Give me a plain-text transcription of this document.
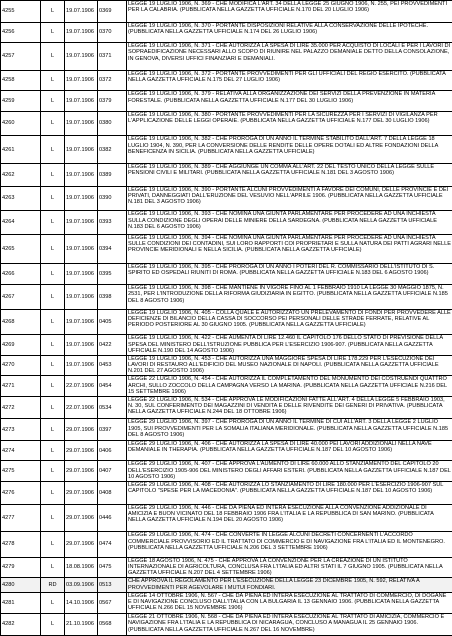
4255	L	19.07.1906	0369	LEGGE 19 LUGLIO 1906, N. 369 - CHE MODIFICA L'ART. 34 DELLA LEGGE 25 GIUGNO 1906, N. 255, PEI PROVVEDIMENTI PER LA CALABRIA. (PUBBLICATA NELLA GAZZETTA UFFICIALE N.170 DEL 20 LUGLIO 1906)
4256	L	19.07.1906	0370	LEGGE 19 LUGLIO 1906, N. 370 - PORTANTE DISPOSIZIONI RELATIVE ALLA CONSERVAZIONE DELLE IPOTECHE. (PUBBLICATA NELLA GAZZETTA UFFICIALE N.174 DEL 26 LUGLIO 1906)
4257	L	19.07.1906	0371	LEGGE 19 LUGLIO 1906, N. 371 - CHE AUTORIZZA LA SPESA DI LIRE 35.000 PER ACQUISTO DI LOCALI E PER I LAVORI DI SOPRAEDIFICAZIONE NECESSARI ALLO SCOPO DI RIUNIRE NEL PALAZZO DEMANIALE DETTO DELLA CONSOLAZIONE, IN GENOVA, DIVERSI UFFICI FINANZIARI E DEMANIALI.
4258	L	19.07.1906	0372	LEGGE 19 LUGLIO 1906, N. 372 - PORTANTE PROVVEDIMENTI PER GLI UFFICIALI DEL REGIO ESERCITO. (PUBBLICATA NELLA GAZZETTA UFFICIALE N.175 DEL 27 LUGLIO 1906)
4259	L	19.07.1906	0379	LEGGE 19 LUGLIO 1906, N. 379 - RELATIVA ALLA ORGANIZZAZIONE DEI SERVIZI DELLA PREVENZIONE IN MATERIA FORESTALE. (PUBBLICATA NELLA GAZZETTA UFFICIALE N.177 DEL 30 LUGLIO 1906)
4260	L	19.07.1906	0380	LEGGE 19 LUGLIO 1906, N. 380 - PORTANTE PROVVEDIMENTI PER LA SICUREZZA PER I SERVIZI DI VIGILANZA PER L'APPLICAZIONE DELLE LEGGI OPERAIE. (PUBBLICATA NELLA GAZZETTA UFFICIALE N.177 DEL 30 LUGLIO 1906)
4261	L	19.07.1906	0382	LEGGE 19 LUGLIO 1906, N. 382 - CHE PROROGA DI UN ANNO IL TERMINE STABILITO DALL'ART. 7 DELLA LEGGE 18 LUGLIO 1904, N. 390, PER LA CONVERSIONE DELLE RENDITE DELLE OPERE DOTALI ED ALTRE FONDAZIONI DELLA BENEFICENZA IN SICILIA. (PUBBLICATA NELLA GAZZETTA UFFICIALE)
4262	L	19.07.1906	0389	LEGGE 19 LUGLIO 1906, N. 389 - CHE AGGIUNGE UN COMMA ALL'ART. 22 DEL TESTO UNICO DELLA LEGGE SULLE PENSIONI CIVILI E MILITARI. (PUBBLICATA NELLA GAZZETTA UFFICIALE N.181 DEL 3 AGOSTO 1906)
4263	L	19.07.1906	0390	LEGGE 19 LUGLIO 1906, N. 390 - PORTANTE ALCUNI PROVVEDIMENTI A FAVORE DEI COMUNI, DELLE PROVINCIE E DEI PRIVATI, DANNEGGIATI DALL'ERUZIONE DEL VESUVIO NELL'APRILE 1906. (PUBBLICATA NELLA GAZZETTA UFFICIALE N.181 DEL 3 AGOSTO 1906)
4264	L	19.07.1906	0393	LEGGE 19 LUGLIO 1906, N. 393 - CHE NOMINA UNA GIUNTA PARLAMENTARE PER PROCEDERE AD UNA INCHIESTA SULLA CONDIZIONE DEGLI OPERAI DELLE MINIERE DELLA SARDEGNA. (PUBBLICATA NELLA GAZZETTA UFFICIALE N.183 DEL 6 AGOSTO 1906)
4265	L	19.07.1906	0394	LEGGE 19 LUGLIO 1906, N. 394 - CHE NOMINA UNA GIUNTA PARLAMENTARE PER PROCEDERE AD UNA INCHIESTA SULLE CONDIZIONI DEI CONTADINI, SUI LORO RAPPORTI COI PROPRIETARI E SULLA NATURA DEI PATTI AGRARI NELLE PROVINCIE MERIDIONALI E NELLA SICILIA. (PUBBLICATA NELLA GAZZETTA UFFICIALE)
4266	L	19.07.1906	0395	LEGGE 19 LUGLIO 1906, N. 395 - CHE PROROGA DI UN ANNO I POTERI DEL R. COMMISSARIO DELL'ISTITUTO DI S. SPIRITO ED OSPEDALI RIUNITI DI ROMA. (PUBBLICATA NELLA GAZZETTA UFFICIALE N.183 DEL 6 AGOSTO 1906)
4267	L	19.07.1906	0398	LEGGE 19 LUGLIO 1906, N. 398 - CHE MANTIENE IN VIGORE FINO AL 1 FEBBRAIO 1910 LA LEGGE 30 MAGGIO 1875, N. 2531, PER L'INTRODUZIONE DELLA RIFORMA GIUDIZIARIA IN EGITTO. (PUBBLICATA NELLA GAZZETTA UFFICIALE N.185 DEL 8 AGOSTO 1906)
4268	L	19.07.1906	0405	LEGGE 19 LUGLIO 1906, N. 405 - COLLA QUALE È AUTORIZZATO UN PRELEVAMENTO DI FONDI PER PROVVEDERE ALLE DEFICIENZE DI BILANCIO DELLA CASSA DI SOCCORSO PEI PERSONALI DELLE STRADE FERRATE, RELATIVE AL PERIODO POSTERIORE AL 30 GIUGNO 1905. (PUBBLICATA NELLA GAZZETTA UFFICIALE)
4269	L	19.07.1906	0422	LEGGE 19 LUGLIO 1906, N. 422 - CHE AUMENTA DI LIRE 12.460 IL CAPITOLO 176 DELLO STATO DI PREVISIONE DELLA SPESA DEL MINISTERO DELL'ISTRUZIONE PUBBLICA PER L'ESERCIZIO 1906-907. (PUBBLICATA NELLA GAZZETTA UFFICIALE N.190 DEL 14 AGOSTO 1906)
4270	L	19.07.1906	0453	LEGGE 19 LUGLIO 1906, N. 453 - CHE AUTORIZZA UNA MAGGIORE SPESA DI LIRE 178.229 PER L'ESECUZIONE DEI LAVORI DI RESTAURO ALL'EDIFICIO DEL MUSEO NAZIONALE DI NAPOLI. (PUBBLICATA NELLA GAZZETTA UFFICIALE N.201 DEL 27 AGOSTO 1906)
4271	L	22.07.1906	0454	LEGGE 22 LUGLIO 1906, N. 454 - CHE AUTORIZZA IL COMPLETAMENTO DEL MONUMENTO DEI COSTRUENDI QUATTRO ARCHI, SULLO ZOCCOLO DELLA CAMPAGNA VERSO LA MARINA. (PUBBLICATA NELLA GAZZETTA UFFICIALE N.216 DEL 15 SETTEMBRE 1906)
4272	L	22.07.1906	0534	LEGGE 22 LUGLIO 1906, N. 534 - CHE APPROVA LE MODIFICAZIONI FATTE ALL'ART. 4 DELLA LEGGE 5 FEBBRAIO 1903, N. 30, SUL CONFERIMENTO DEI MAGAZZINI DI VENDITA E DELLE RIVENDITE DEI GENERI DI PRIVATIVA. (PUBBLICATA NELLA GAZZETTA UFFICIALE N.244 DEL 18 OTTOBRE 1906)
4273	L	29.07.1906	0397	LEGGE 29 LUGLIO 1906, N. 397 - CHE PROROGA DI UN ANNO IL TERMINE DI CUI ALL'ART. 3 DELLA LEGGE 2 LUGLIO 1905, SUI PROVVEDIMENTI PER LA SOMALIA ITALIANA MERIDIONALE. (PUBBLICATA NELLA GAZZETTA UFFICIALE N.185 DEL 8 AGOSTO 1906)
4274	L	29.07.1906	0406	LEGGE 29 LUGLIO 1906, N. 406 - CHE AUTORIZZA LA SPESA DI LIRE 40.000 PEI LAVORI ADDIZIONALI NELLA NAVE DEMANIALE IN THERAPIA. (PUBBLICATA NELLA GAZZETTA UFFICIALE N.187 DEL 10 AGOSTO 1906)
4275	L	29.07.1906	0407	LEGGE 29 LUGLIO 1906, N. 407 - CHE APPROVA L'AUMENTO DI LIRE 60.000 ALLO STANZIAMENTO DEL CAPITOLO 20 DELL'ESERCIZIO 1905-906 DEL MINISTERO DEGLI AFFARI ESTERI. (PUBBLICATA NELLA GAZZETTA UFFICIALE N.187 DEL 10 AGOSTO 1906)
4276	L	29.07.1906	0408	LEGGE 29 LUGLIO 1906, N. 408 - CHE AUTORIZZA LO STANZIAMENTO DI LIRE 180.000 PER L'ESERCIZIO 1906-907 SUL CAPITOLO "SPESE PER LA MACEDONIA". (PUBBLICATA NELLA GAZZETTA UFFICIALE N.187 DEL 10 AGOSTO 1906)
4277	L	29.07.1906	0446	LEGGE 29 LUGLIO 1906, N. 446 - CHE DÀ PIENA ED INTERA ESECUZIONE ALLA CONVENZIONE ADDIZIONALE DI AMICIZIA E BUON VICINATO DEL 18 FEBBRAIO 1906 FRA L'ITALIA E LA REPUBBLICA DI SAN MARINO. (PUBBLICATA NELLA GAZZETTA UFFICIALE N.194 DEL 20 AGOSTO 1906)
4278	L	29.07.1906	0474	LEGGE 29 LUGLIO 1906, N. 474 - CHE CONVERTE IN LEGGE ALCUNI DECRETI CONCERNENTI L'ACCORDO COMMERCIALE PROVVISORIO ED IL TRATTATO DI COMMERCIO E DI NAVIGAZIONE FRA L'ITALIA ED IL MONTENEGRO. (PUBBLICATA NELLA GAZZETTA UFFICIALE N.206 DEL 3 SETTEMBRE 1906)
4279	L	18.08.1906	0475	LEGGE 18 AGOSTO 1906, N. 475 - CHE APPROVA LA CONVENZIONE PER LA CREAZIONE DI UN ISTITUTO INTERNAZIONALE DI AGRICOLTURA, CONCLUSA FRA L'ITALIA ED ALTRI STATI IL 7 GIUGNO 1905. (PUBBLICATA NELLA GAZZETTA UFFICIALE N.207 DEL 4 SETTEMBRE 1906)
4280	RD	03.09.1906	0513	CHE APPROVA IL REGOLAMENTO PER L'ESECUZIONE DELLA LEGGE 23 DICEMBRE 1905, N. 592, RELATIVA A PROVVEDIMENTI PER AGEVOLARE I MUTUI FONDIARI.
4281	L	14.10.1906	0567	LEGGE 14 OTTOBRE 1906, N. 567 - CHE DÀ PIENA ED INTERA ESECUZIONE AL TRATTATO DI COMMERCIO, DI DOGANE E DI NAVIGAZIONE CONCLUSO DALL'ITALIA CON LA BULGARIA IL 13 GENNAIO 1906. (PUBBLICATA NELLA GAZZETTA UFFICIALE N.266 DEL 15 NOVEMBRE 1906)
4282	L	21.10.1906	0568	LEGGE 21 OTTOBRE 1906, N. 568 - CHE DÀ PIENA ED INTERA ESECUZIONE AL TRATTATO DI AMICIZIA, COMMERCIO E NAVIGAZIONE FRA L'ITALIA E LA REPUBBLICA DI NICARAGUA, CONCLUSO A MANAGUA IL 25 GENNAIO 1906. (PUBBLICATA NELLA GAZZETTA UFFICIALE N.267 DEL 16 NOVEMBRE)
